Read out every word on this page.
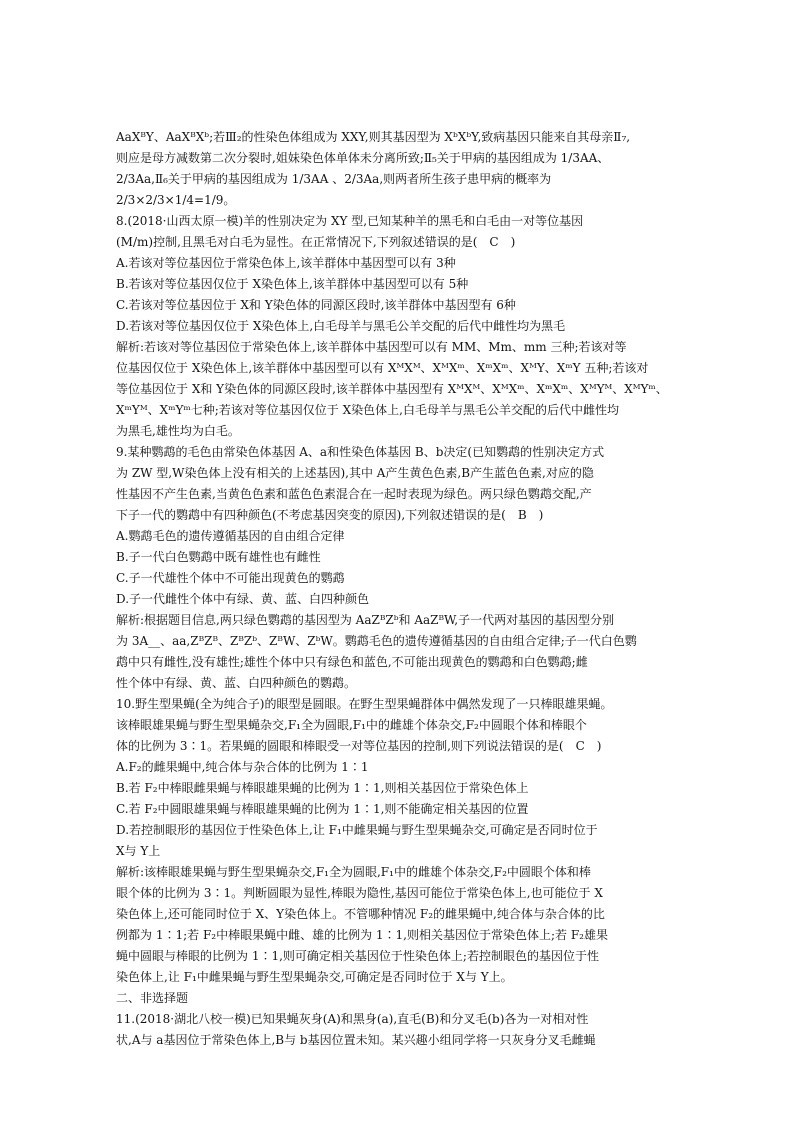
AaXᴮY、AaXᴮXᵇ;若Ⅲ₂的性染色体组成为 XXY,则其基因型为 XᵇXᵇY,致病基因只能来自其母亲Ⅱ₇,
则应是母方减数第二次分裂时,姐妹染色体单体未分离所致;Ⅱ₅关于甲病的基因组成为 1/3AA、
2/3Aa,Ⅱ₆关于甲病的基因组成为 1/3AA 、2/3Aa,则两者所生孩子患甲病的概率为
2/3×2/3×1/4=1/9。
8.(2018·山西太原一模)羊的性别决定为 XY 型,已知某种羊的黑毛和白毛由一对等位基因
(M/m)控制,且黑毛对白毛为显性。在正常情况下,下列叙述错误的是(　C　)
A.若该对等位基因位于常染色体上,该羊群体中基因型可以有 3种
B.若该对等位基因仅位于 X染色体上,该羊群体中基因型可以有 5种
C.若该对等位基因位于 X和 Y染色体的同源区段时,该羊群体中基因型有 6种
D.若该对等位基因仅位于 X染色体上,白毛母羊与黑毛公羊交配的后代中雌性均为黑毛
解析:若该对等位基因位于常染色体上,该羊群体中基因型可以有 MM、Mm、mm 三种;若该对等
位基因仅位于 X染色体上,该羊群体中基因型可以有 XᴹXᴹ、XᴹXᵐ、XᵐXᵐ、XᴹY、XᵐY 五种;若该对
等位基因位于 X和 Y染色体的同源区段时,该羊群体中基因型有 XᴹXᴹ、XᴹXᵐ、XᵐXᵐ、XᴹYᴹ、XᴹYᵐ、
XᵐYᴹ、XᵐYᵐ七种;若该对等位基因仅位于 X染色体上,白毛母羊与黑毛公羊交配的后代中雌性均
为黑毛,雄性均为白毛。
9.某种鹦鹉的毛色由常染色体基因 A、a和性染色体基因 B、b决定(已知鹦鹉的性别决定方式
为 ZW 型,W染色体上没有相关的上述基因),其中 A产生黄色色素,B产生蓝色色素,对应的隐
性基因不产生色素,当黄色色素和蓝色色素混合在一起时表现为绿色。两只绿色鹦鹉交配,产
下子一代的鹦鹉中有四种颜色(不考虑基因突变的原因),下列叙述错误的是(　B　)
A.鹦鹉毛色的遗传遵循基因的自由组合定律
B.子一代白色鹦鹉中既有雄性也有雌性
C.子一代雄性个体中不可能出现黄色的鹦鹉
D.子一代雌性个体中有绿、黄、蓝、白四种颜色
解析:根据题目信息,两只绿色鹦鹉的基因型为 AaZᴮZᵇ和 AaZᴮW,子一代两对基因的基因型分别
为 3A__、aa,ZᴮZᴮ、ZᴮZᵇ、ZᴮW、ZᵇW。鹦鹉毛色的遗传遵循基因的自由组合定律;子一代白色鹦
鹉中只有雌性,没有雄性;雄性个体中只有绿色和蓝色,不可能出现黄色的鹦鹉和白色鹦鹉;雌
性个体中有绿、黄、蓝、白四种颜色的鹦鹉。
10.野生型果蝇(全为纯合子)的眼型是圆眼。在野生型果蝇群体中偶然发现了一只棒眼雄果蝇。
该棒眼雄果蝇与野生型果蝇杂交,F₁全为圆眼,F₁中的雌雄个体杂交,F₂中圆眼个体和棒眼个
体的比例为 3∶1。若果蝇的圆眼和棒眼受一对等位基因的控制,则下列说法错误的是(　C　)
A.F₂的雌果蝇中,纯合体与杂合体的比例为 1∶1
B.若 F₂中棒眼雌果蝇与棒眼雄果蝇的比例为 1∶1,则相关基因位于常染色体上
C.若 F₂中圆眼雄果蝇与棒眼雄果蝇的比例为 1∶1,则不能确定相关基因的位置
D.若控制眼形的基因位于性染色体上,让 F₁中雌果蝇与野生型果蝇杂交,可确定是否同时位于
X与 Y上
解析:该棒眼雄果蝇与野生型果蝇杂交,F₁全为圆眼,F₁中的雌雄个体杂交,F₂中圆眼个体和棒
眼个体的比例为 3∶1。判断圆眼为显性,棒眼为隐性,基因可能位于常染色体上,也可能位于 X
染色体上,还可能同时位于 X、Y染色体上。不管哪种情况 F₂的雌果蝇中,纯合体与杂合体的比
例都为 1∶1;若 F₂中棒眼果蝇中雌、雄的比例为 1∶1,则相关基因位于常染色体上;若 F₂雄果
蝇中圆眼与棒眼的比例为 1∶1,则可确定相关基因位于性染色体上;若控制眼色的基因位于性
染色体上,让 F₁中雌果蝇与野生型果蝇杂交,可确定是否同时位于 X与 Y上。
二、非选择题
11.(2018·湖北八校一模)已知果蝇灰身(A)和黑身(a),直毛(B)和分叉毛(b)各为一对相对性
状,A与 a基因位于常染色体上,B与 b基因位置未知。某兴趣小组同学将一只灰身分叉毛雌蝇
